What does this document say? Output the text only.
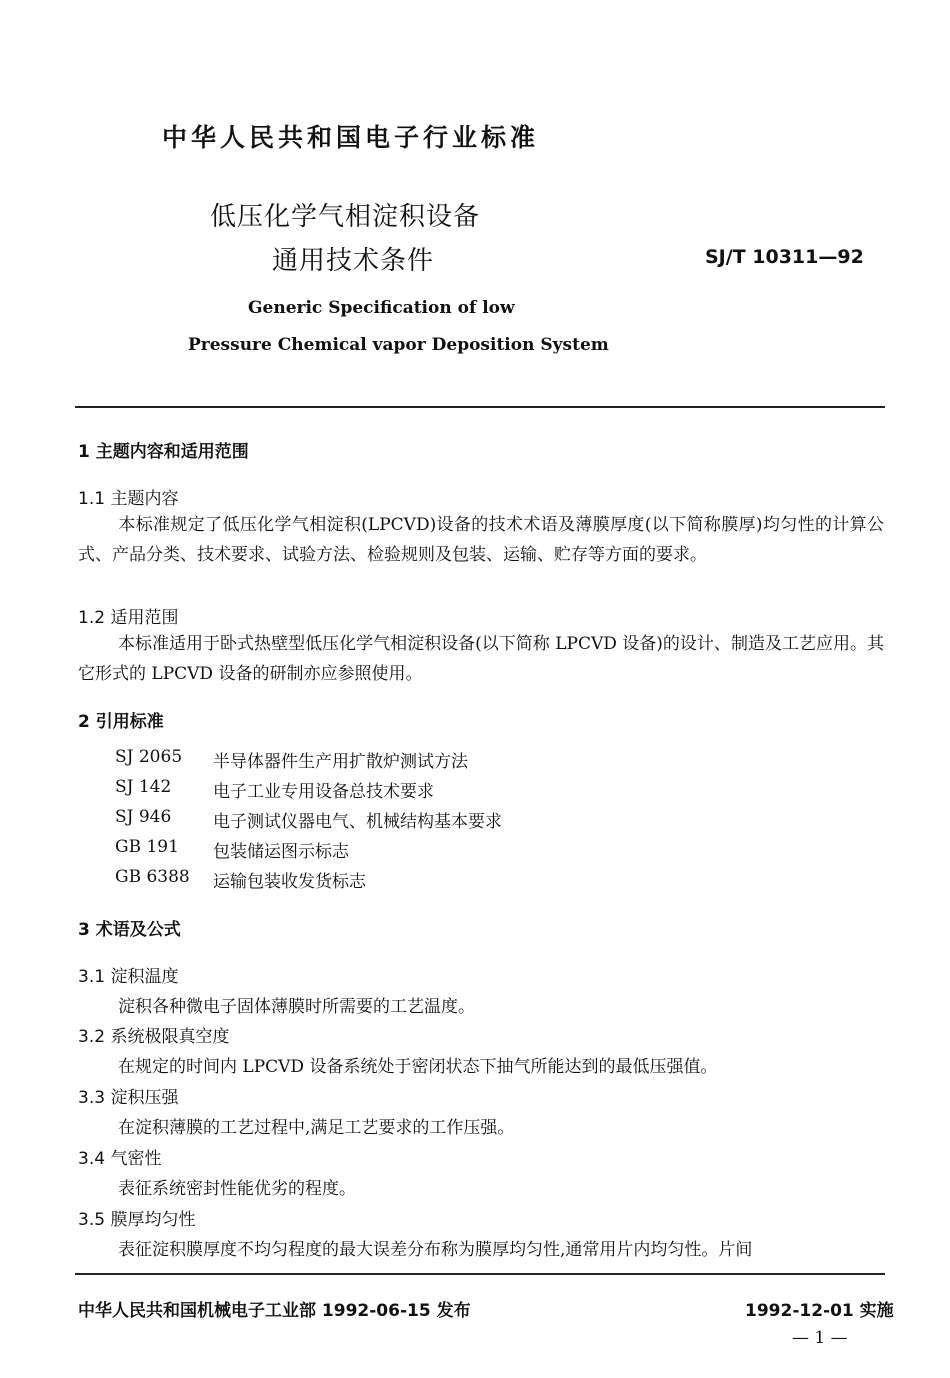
中华人民共和国电子行业标准
低压化学气相淀积设备
通用技术条件	SJ/T 10311—92
Generic Specification of low
Pressure Chemical vapor Deposition System
1 主题内容和适用范围
1.1 主题内容
本标准规定了低压化学气相淀积(LPCVD)设备的技术术语及薄膜厚度(以下简称膜厚)均匀性的计算公式、产品分类、技术要求、试验方法、检验规则及包装、运输、贮存等方面的要求。
1.2 适用范围
本标准适用于卧式热壁型低压化学气相淀积设备(以下简称 LPCVD 设备)的设计、制造及工艺应用。其它形式的 LPCVD 设备的研制亦应参照使用。
2 引用标准
SJ 2065 半导体器件生产用扩散炉测试方法
SJ 142 电子工业专用设备总技术要求
SJ 946 电子测试仪器电气、机械结构基本要求
GB 191 包装储运图示标志
GB 6388 运输包装收发货标志
3 术语及公式
3.1 淀积温度
淀积各种微电子固体薄膜时所需要的工艺温度。
3.2 系统极限真空度
在规定的时间内 LPCVD 设备系统处于密闭状态下抽气所能达到的最低压强值。
3.3 淀积压强
在淀积薄膜的工艺过程中,满足工艺要求的工作压强。
3.4 气密性
表征系统密封性能优劣的程度。
3.5 膜厚均匀性
表征淀积膜厚度不均匀程度的最大误差分布称为膜厚均匀性,通常用片内均匀性。片间
中华人民共和国机械电子工业部 1992-06-15 发布	1992-12-01 实施
— 1 —
